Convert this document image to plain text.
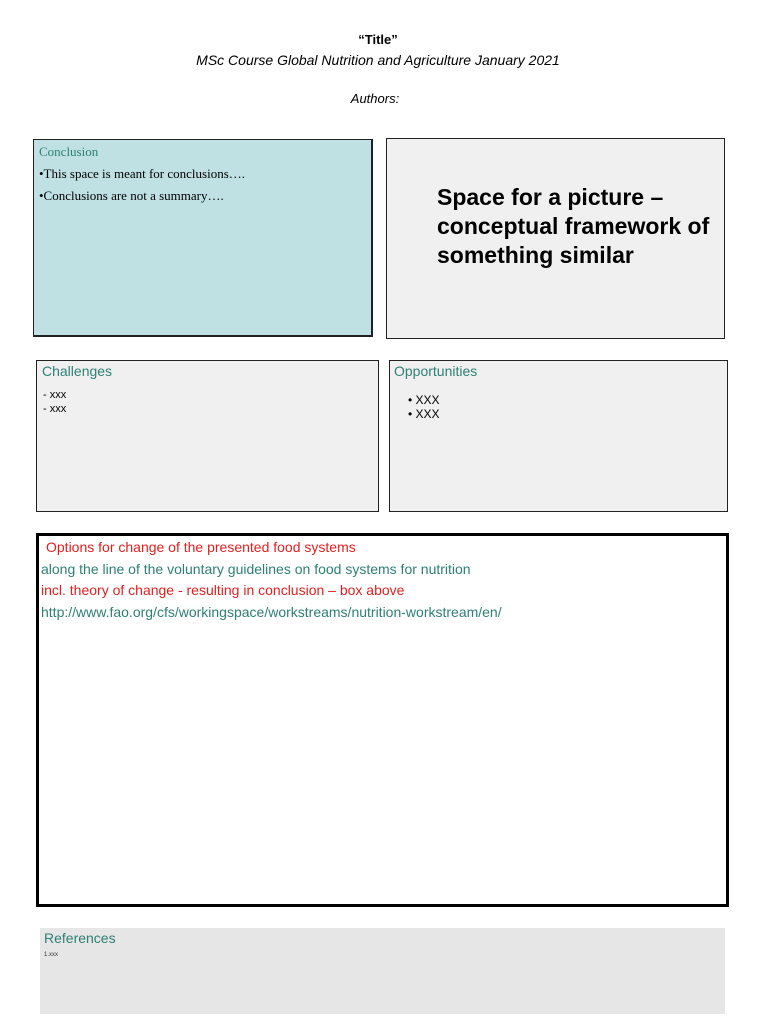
“Title”
MSc Course Global Nutrition and Agriculture January 2021
Authors:
Conclusion
•This space is meant for conclusions….
•Conclusions are not a summary….	Space for a picture – conceptual framework of something similar
Challenges
- xxx
- xxx
Opportunities
• XXX
• XXX
Options for change of the presented food systems
along the line of the voluntary guidelines on food systems for nutrition
incl. theory of change - resulting in conclusion – box above
http://www.fao.org/cfs/workingspace/workstreams/nutrition-workstream/en/
References
1.xxx
